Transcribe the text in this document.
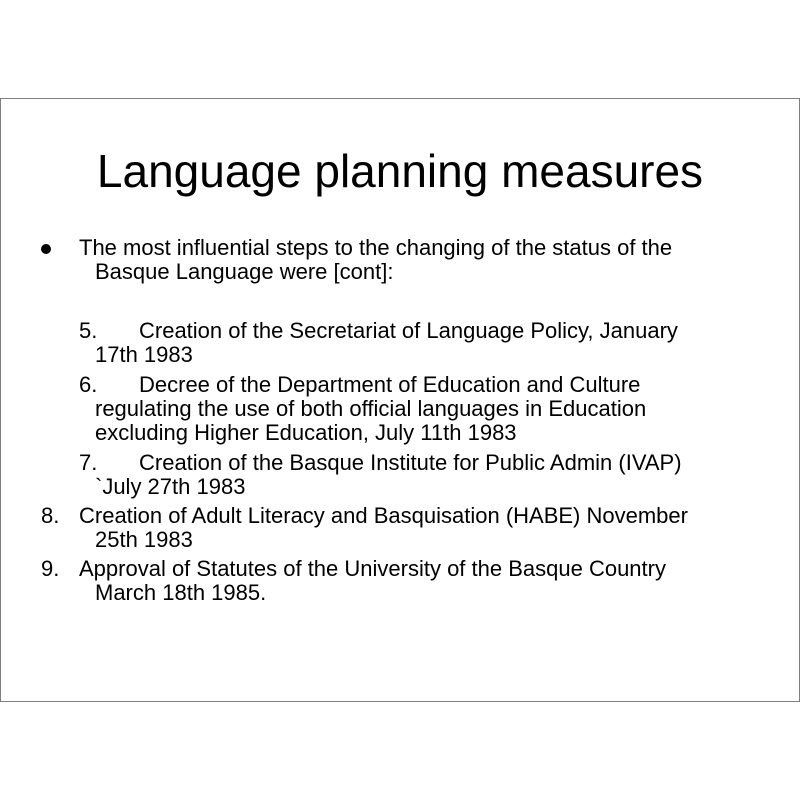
Language planning measures
The most influential steps to the changing of the status of the
Basque Language were [cont]:
5. Creation of the Secretariat of Language Policy, January
17th 1983
6. Decree of the Department of Education and Culture
regulating the use of both official languages in Education
excluding Higher Education, July 11th 1983
7. Creation of the Basque Institute for Public Admin (IVAP)
`July 27th 1983
8. Creation of Adult Literacy and Basquisation (HABE) November
25th 1983
9. Approval of Statutes of the University of the Basque Country
March 18th 1985.
